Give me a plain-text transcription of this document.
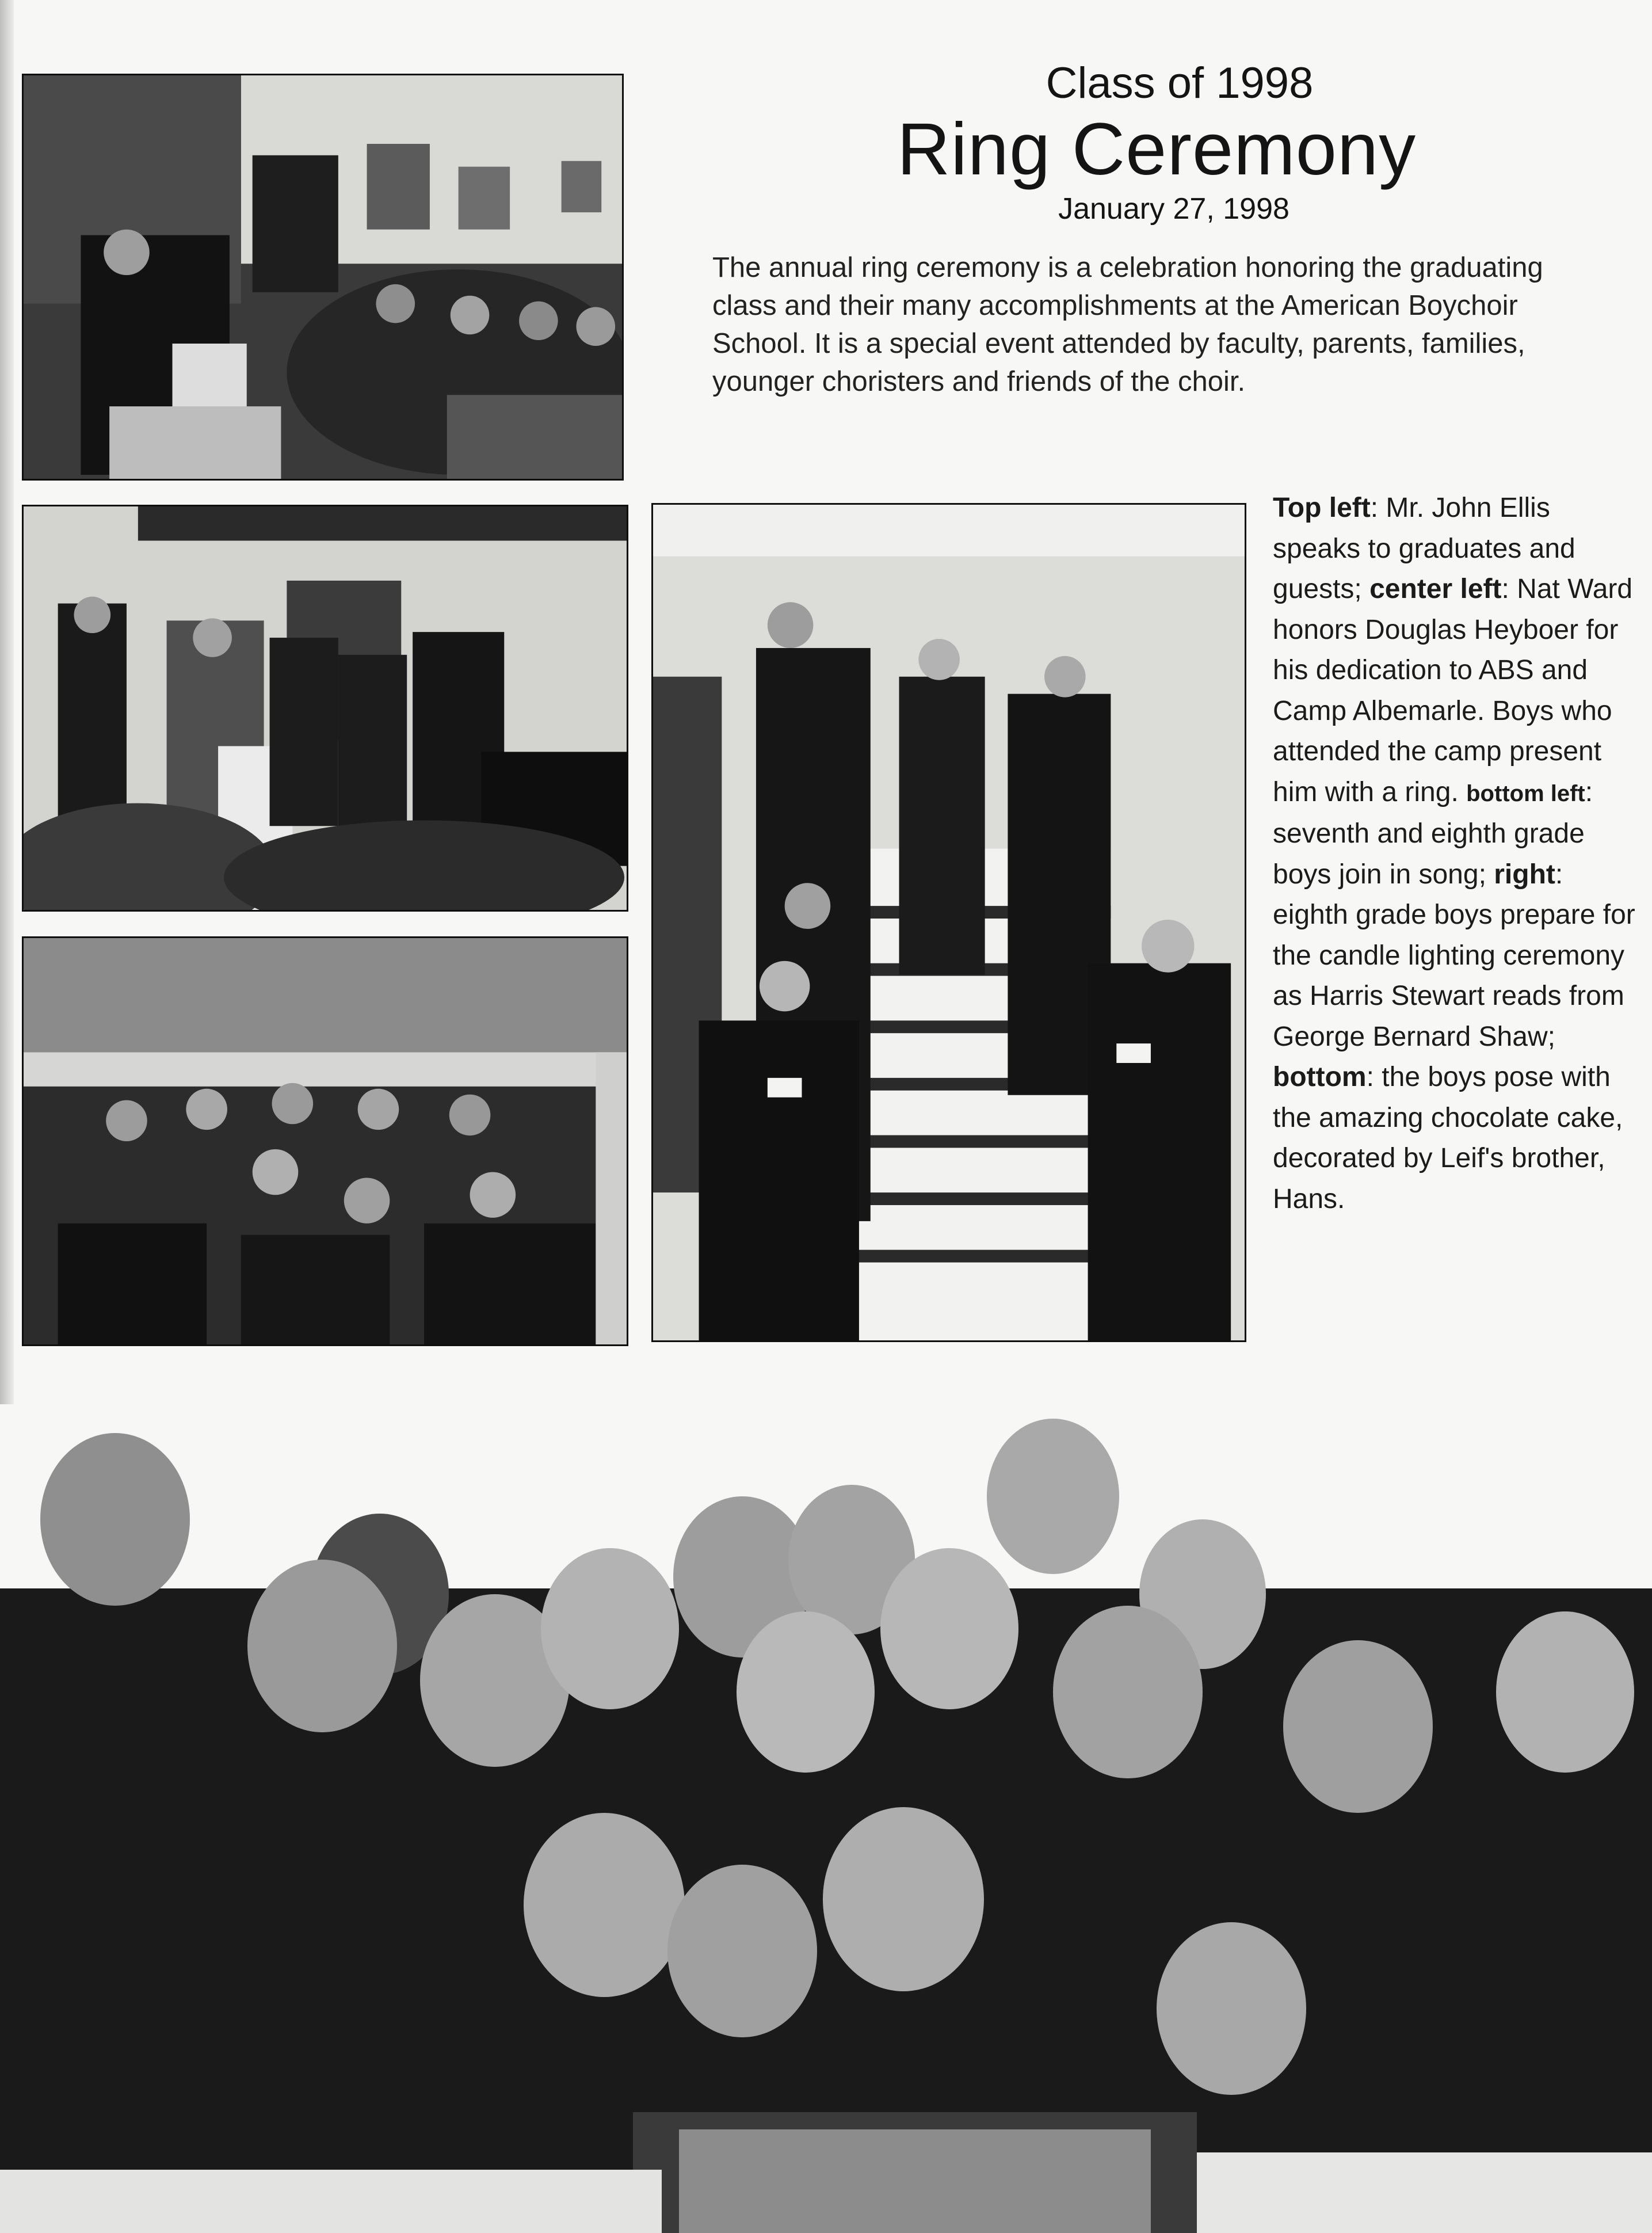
Class of 1998
Ring Ceremony
January 27, 1998
The annual ring ceremony is a celebration honoring the graduating class and their many accomplishments at the American Boychoir School. It is a special event attended by faculty, parents, families, younger choristers and friends of the choir.
Top left: Mr. John Ellis speaks to graduates and guests; center left: Nat Ward honors Douglas Heyboer for his dedication to ABS and Camp Albemarle. Boys who attended the camp present him with a ring. bottom left: seventh and eighth grade boys join in song; right: eighth grade boys prepare for the candle lighting ceremony as Harris Stewart reads from George Bernard Shaw; bottom: the boys pose with the amazing chocolate cake, decorated by Leif's brother, Hans.
